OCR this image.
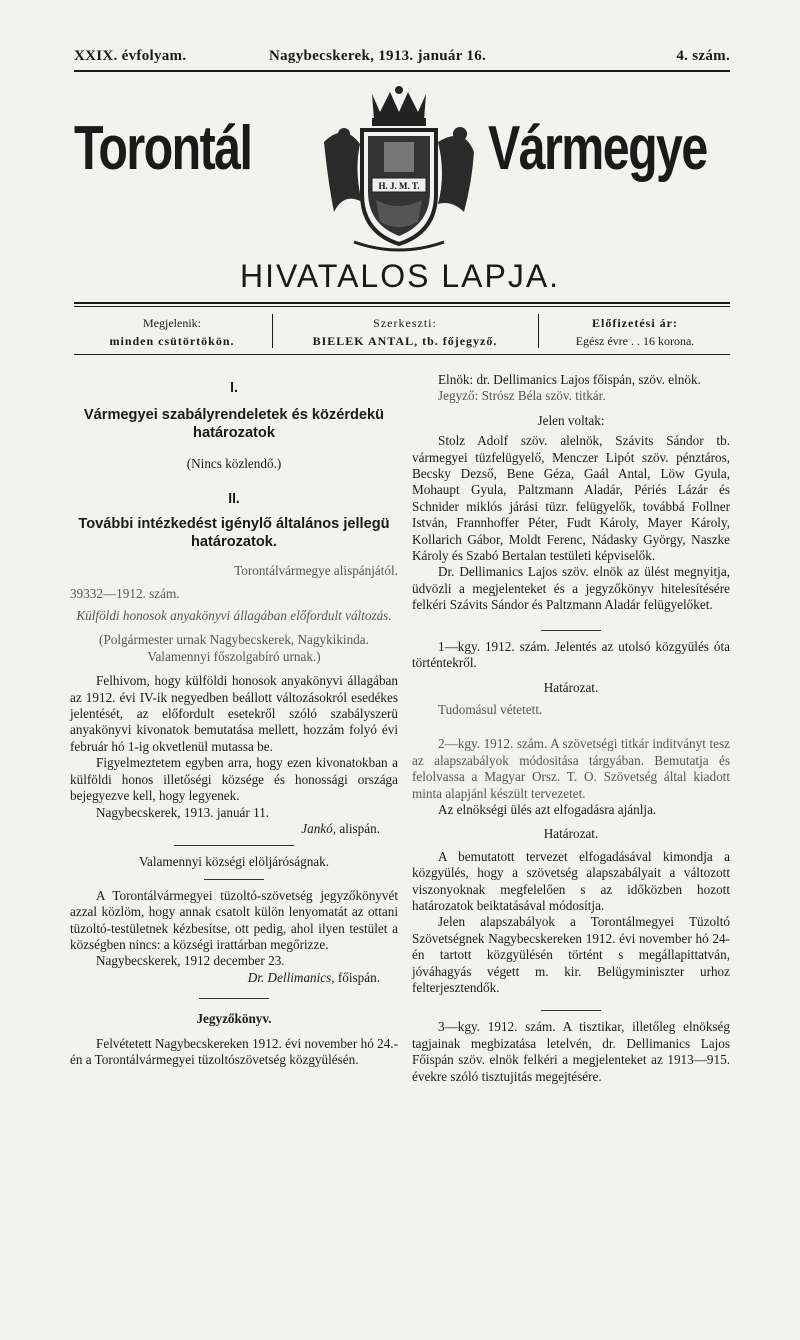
XXIX. évfolyam.	Nagybecskerek, 1913. január 16.	4. szám.
Torontál	Vármegye
H. J. M. T.
HIVATALOS LAPJA.
Megjelenik:
minden csütörtökön.
Szerkeszti:
BIELEK ANTAL, tb. főjegyző.
Előfizetési ár:
Egész évre . . 16 korona.

I.

Vármegyei szabályrendeletek és közérdekü határozatok

(Nincs közlendő.)

II.

További intézkedést igénylő általános jellegü határozatok.

Torontálvármegye alispánjától.

39332—1912. szám.

Külföldi honosok anyakönyvi állagában előfordult változás.

(Polgármester urnak Nagybecskerek, Nagykikinda. Valamennyi főszolgabíró urnak.)

Felhivom, hogy külföldi honosok anyakönyvi állagában az 1912. évi IV-ik negyedben beállott változásokról esedékes jelentését, az előfordult esetekről szóló szabályszerü anyakönyvi kivonatok bemutatása mellett, hozzám folyó évi február hó 1-ig okvetlenül mutassa be.

Figyelmeztetem egyben arra, hogy ezen kivonatokban a külföldi honos illetőségi községe és honossági országa bejegyezve kell, hogy legyenek.

Nagybecskerek, 1913. január 11.

Jankó, alispán.

Valamennyi községi elöljáróságnak.

A Torontálvármegyei tüzoltó-szövetség jegyzőkönyvét azzal közlöm, hogy annak csatolt külön lenyomatát az ottani tüzoltó-testületnek kézbesítse, ott pedig, ahol ilyen testület a községben nincs: a községi irattárban megőrizze.

Nagybecskerek, 1912 december 23.

Dr. Dellimanics, főispán.

Jegyzőkönyv.

Felvétetett Nagybecskereken 1912. évi november hó 24.-én a Torontálvármegyei tüzoltószövetség közgyülésén.

Elnök: dr. Dellimanics Lajos főispán, szöv. elnök.

Jegyző: Strósz Béla szöv. titkár.

Jelen voltak:

Stolz Adolf szöv. alelnök, Szávits Sándor tb. vármegyei tüzfelügyelő, Menczer Lipót szöv. pénztáros, Becsky Dezső, Bene Géza, Gaál Antal, Löw Gyula, Mohaupt Gyula, Paltzmann Aladár, Périés Lázár és Schnider miklós járási tüzr. felügyelők, továbbá Follner István, Frannhoffer Péter, Fudt Károly, Mayer Károly, Kollarich Gábor, Moldt Ferenc, Nádasky György, Naszke Károly és Szabó Bertalan testületi képviselők.

Dr. Dellimanics Lajos szöv. elnök az ülést megnyitja, üdvözli a megjelenteket és a jegyzőkönyv hitelesítésére felkéri Szávits Sándor és Paltzmann Aladár felügyelőket.

1—kgy. 1912. szám. Jelentés az utolsó közgyülés óta történtekről.

Határozat.

Tudomásul vétetett.

2—kgy. 1912. szám. A szövetségi titkár inditványt tesz az alapszabályok módositása tárgyában. Bemutatja és felolvassa a Magyar Orsz. T. O. Szövetség által kiadott minta alapjánl készült tervezetet.

Az elnökségi ülés azt elfogadásra ajánlja.

Határozat.

A bemutatott tervezet elfogadásával kimondja a közgyülés, hogy a szövetség alapszabályait a változott viszonyoknak megfelelően s az időközben hozott határozatok beiktatásával módosítja.

Jelen alapszabályok a Torontálmegyei Tüzoltó Szövetségnek Nagybecskereken 1912. évi november hó 24-én tartott közgyülésén történt s megállapittatván, jóváhagyás végett m. kir. Belügyminiszter urhoz felterjesztendők.

3—kgy. 1912. szám. A tisztikar, illetőleg elnökség tagjainak megbizatása letelvén, dr. Dellimanics Lajos Főispán szöv. elnök felkéri a megjelenteket az 1913—915. évekre szóló tisztujitás megejtésére.
